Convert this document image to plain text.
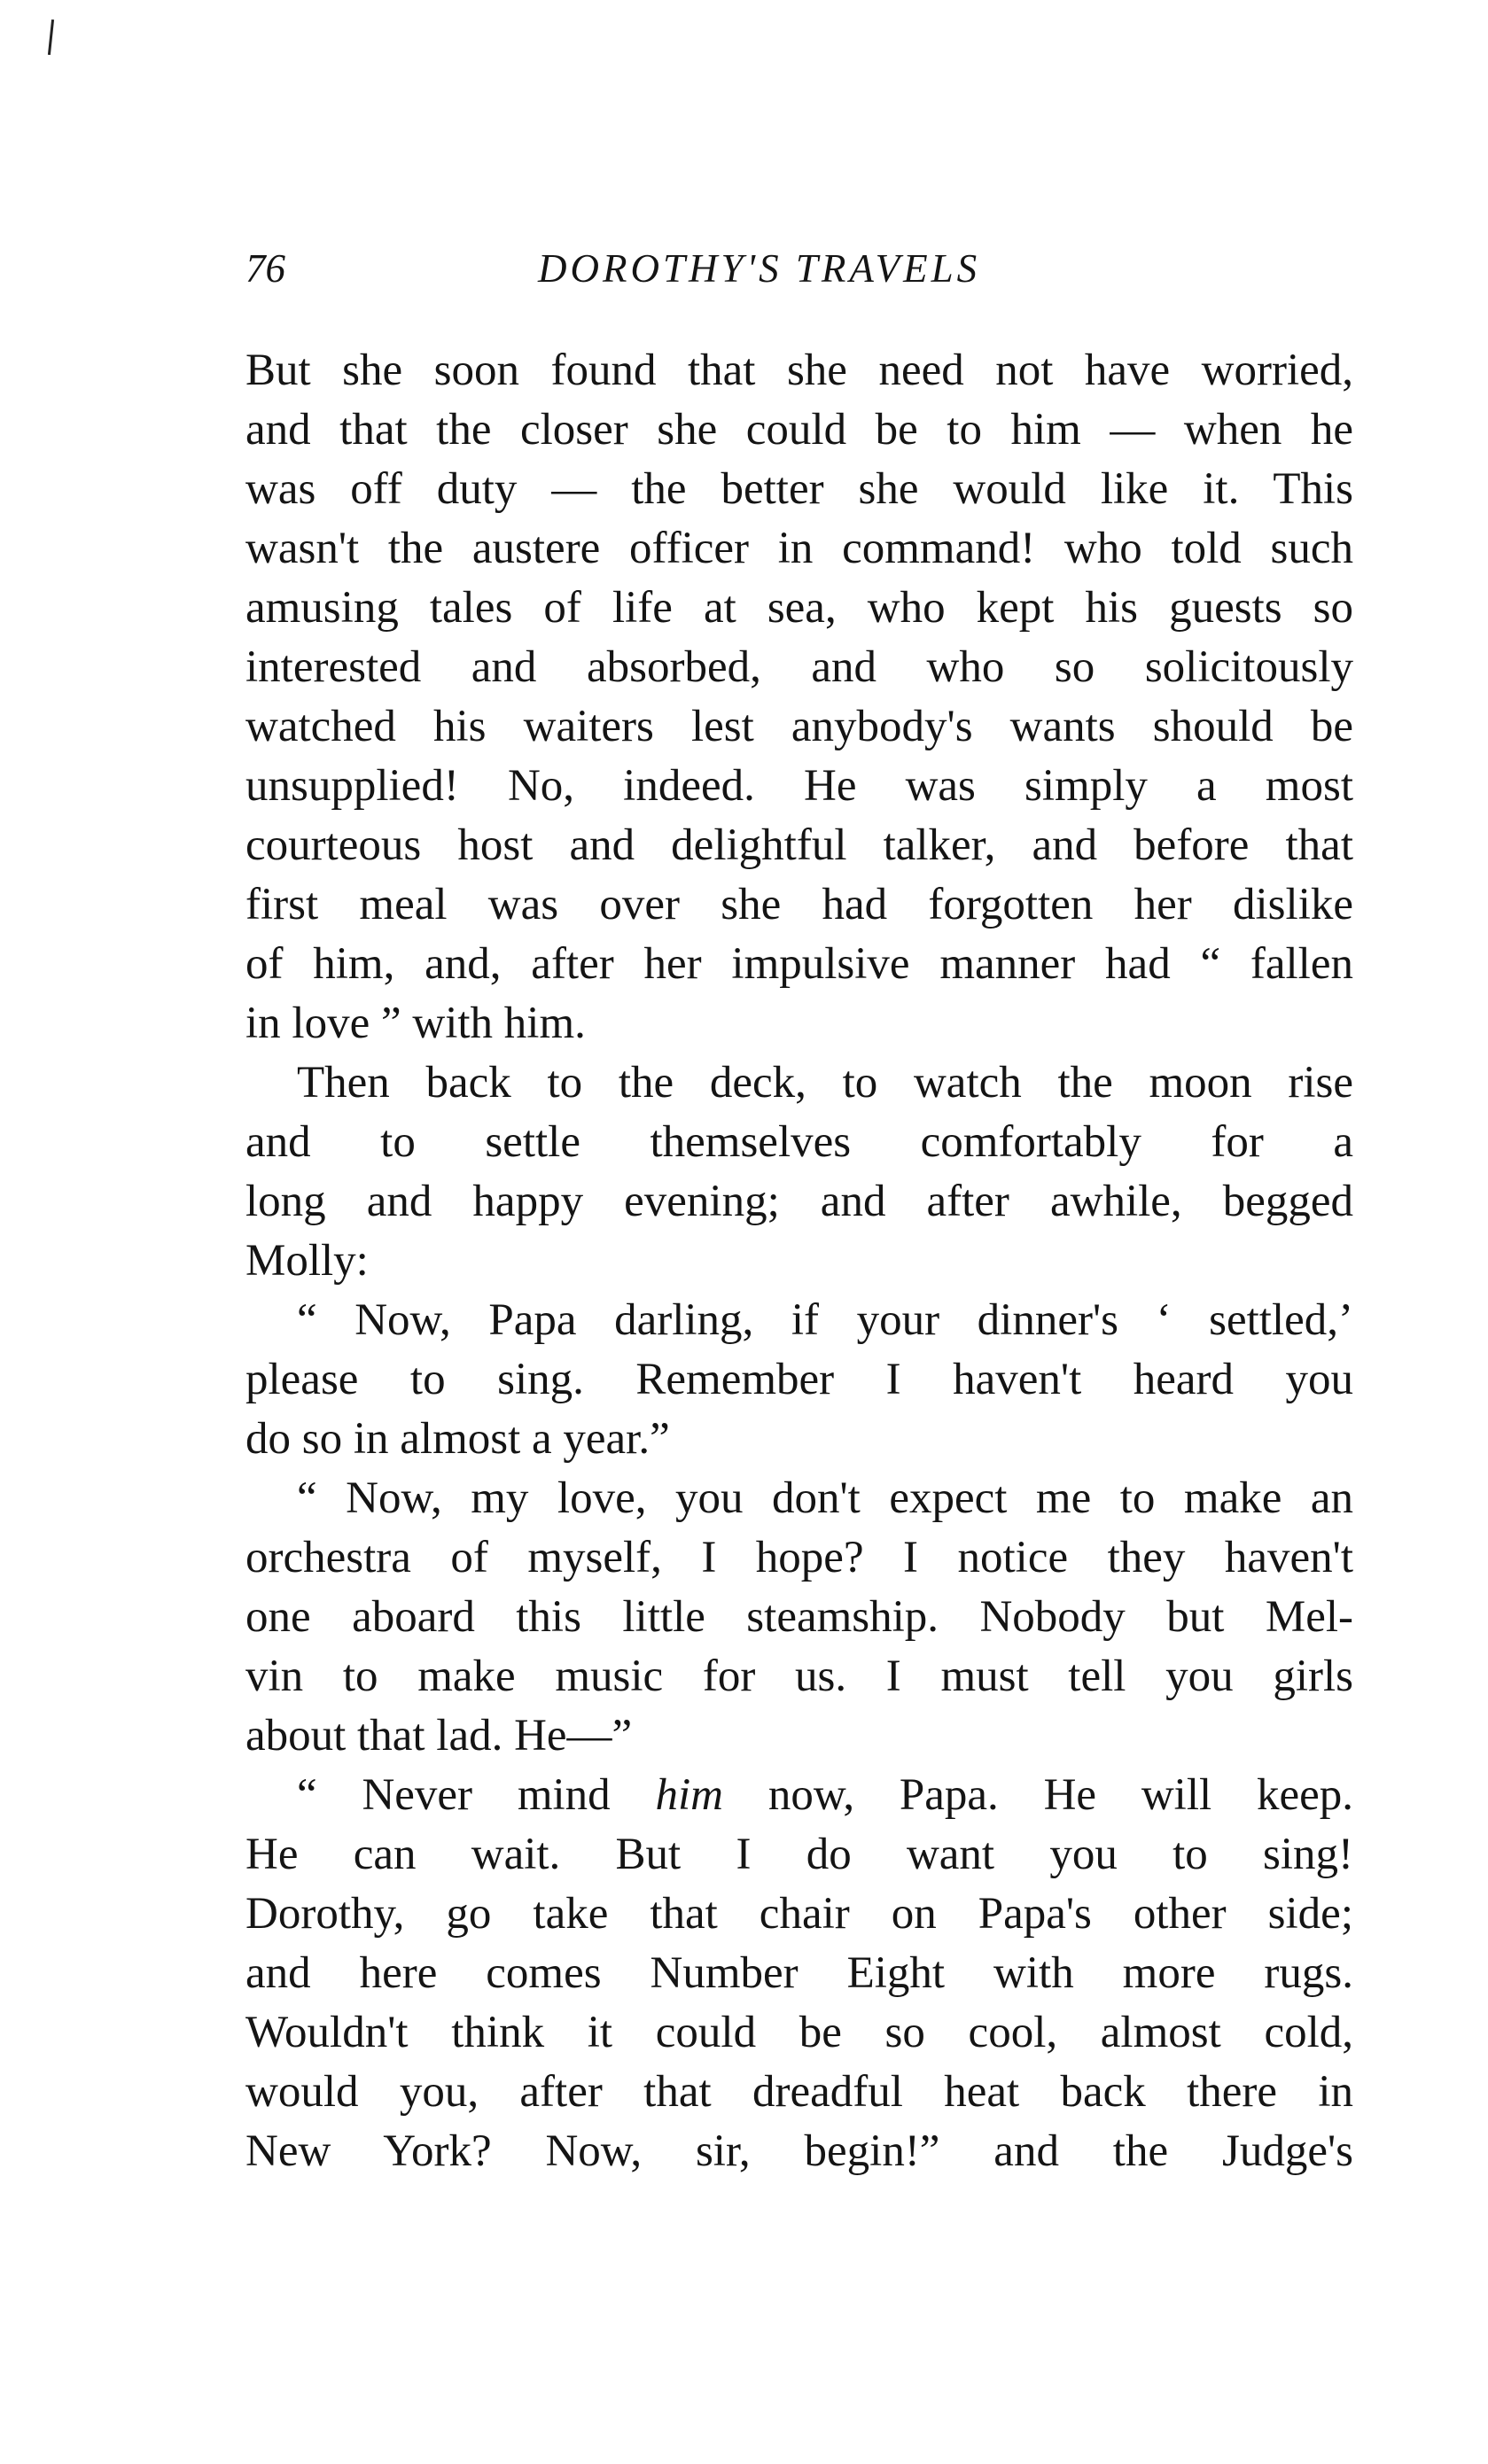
76	DOROTHY'S TRAVELS
But she soon found that she need not have worried,
and that the closer she could be to him — when he
was off duty — the better she would like it. This
wasn't the austere officer in command! who told such
amusing tales of life at sea, who kept his guests so
interested and absorbed, and who so solicitously
watched his waiters lest anybody's wants should be
unsupplied! No, indeed. He was simply a most
courteous host and delightful talker, and before that
first meal was over she had forgotten her dislike
of him, and, after her impulsive manner had “ fallen
in love ” with him.
Then back to the deck, to watch the moon rise
and to settle themselves comfortably for a
long and happy evening; and after awhile, begged
Molly:
“ Now, Papa darling, if your dinner's ‘ settled,’
please to sing. Remember I haven't heard you
do so in almost a year.”
“ Now, my love, you don't expect me to make an
orchestra of myself, I hope? I notice they haven't
one aboard this little steamship. Nobody but Mel-
vin to make music for us. I must tell you girls
about that lad. He—”
“ Never mind him now, Papa. He will keep.
He can wait. But I do want you to sing!
Dorothy, go take that chair on Papa's other side;
and here comes Number Eight with more rugs.
Wouldn't think it could be so cool, almost cold,
would you, after that dreadful heat back there in
New York? Now, sir, begin!” and the Judge's
